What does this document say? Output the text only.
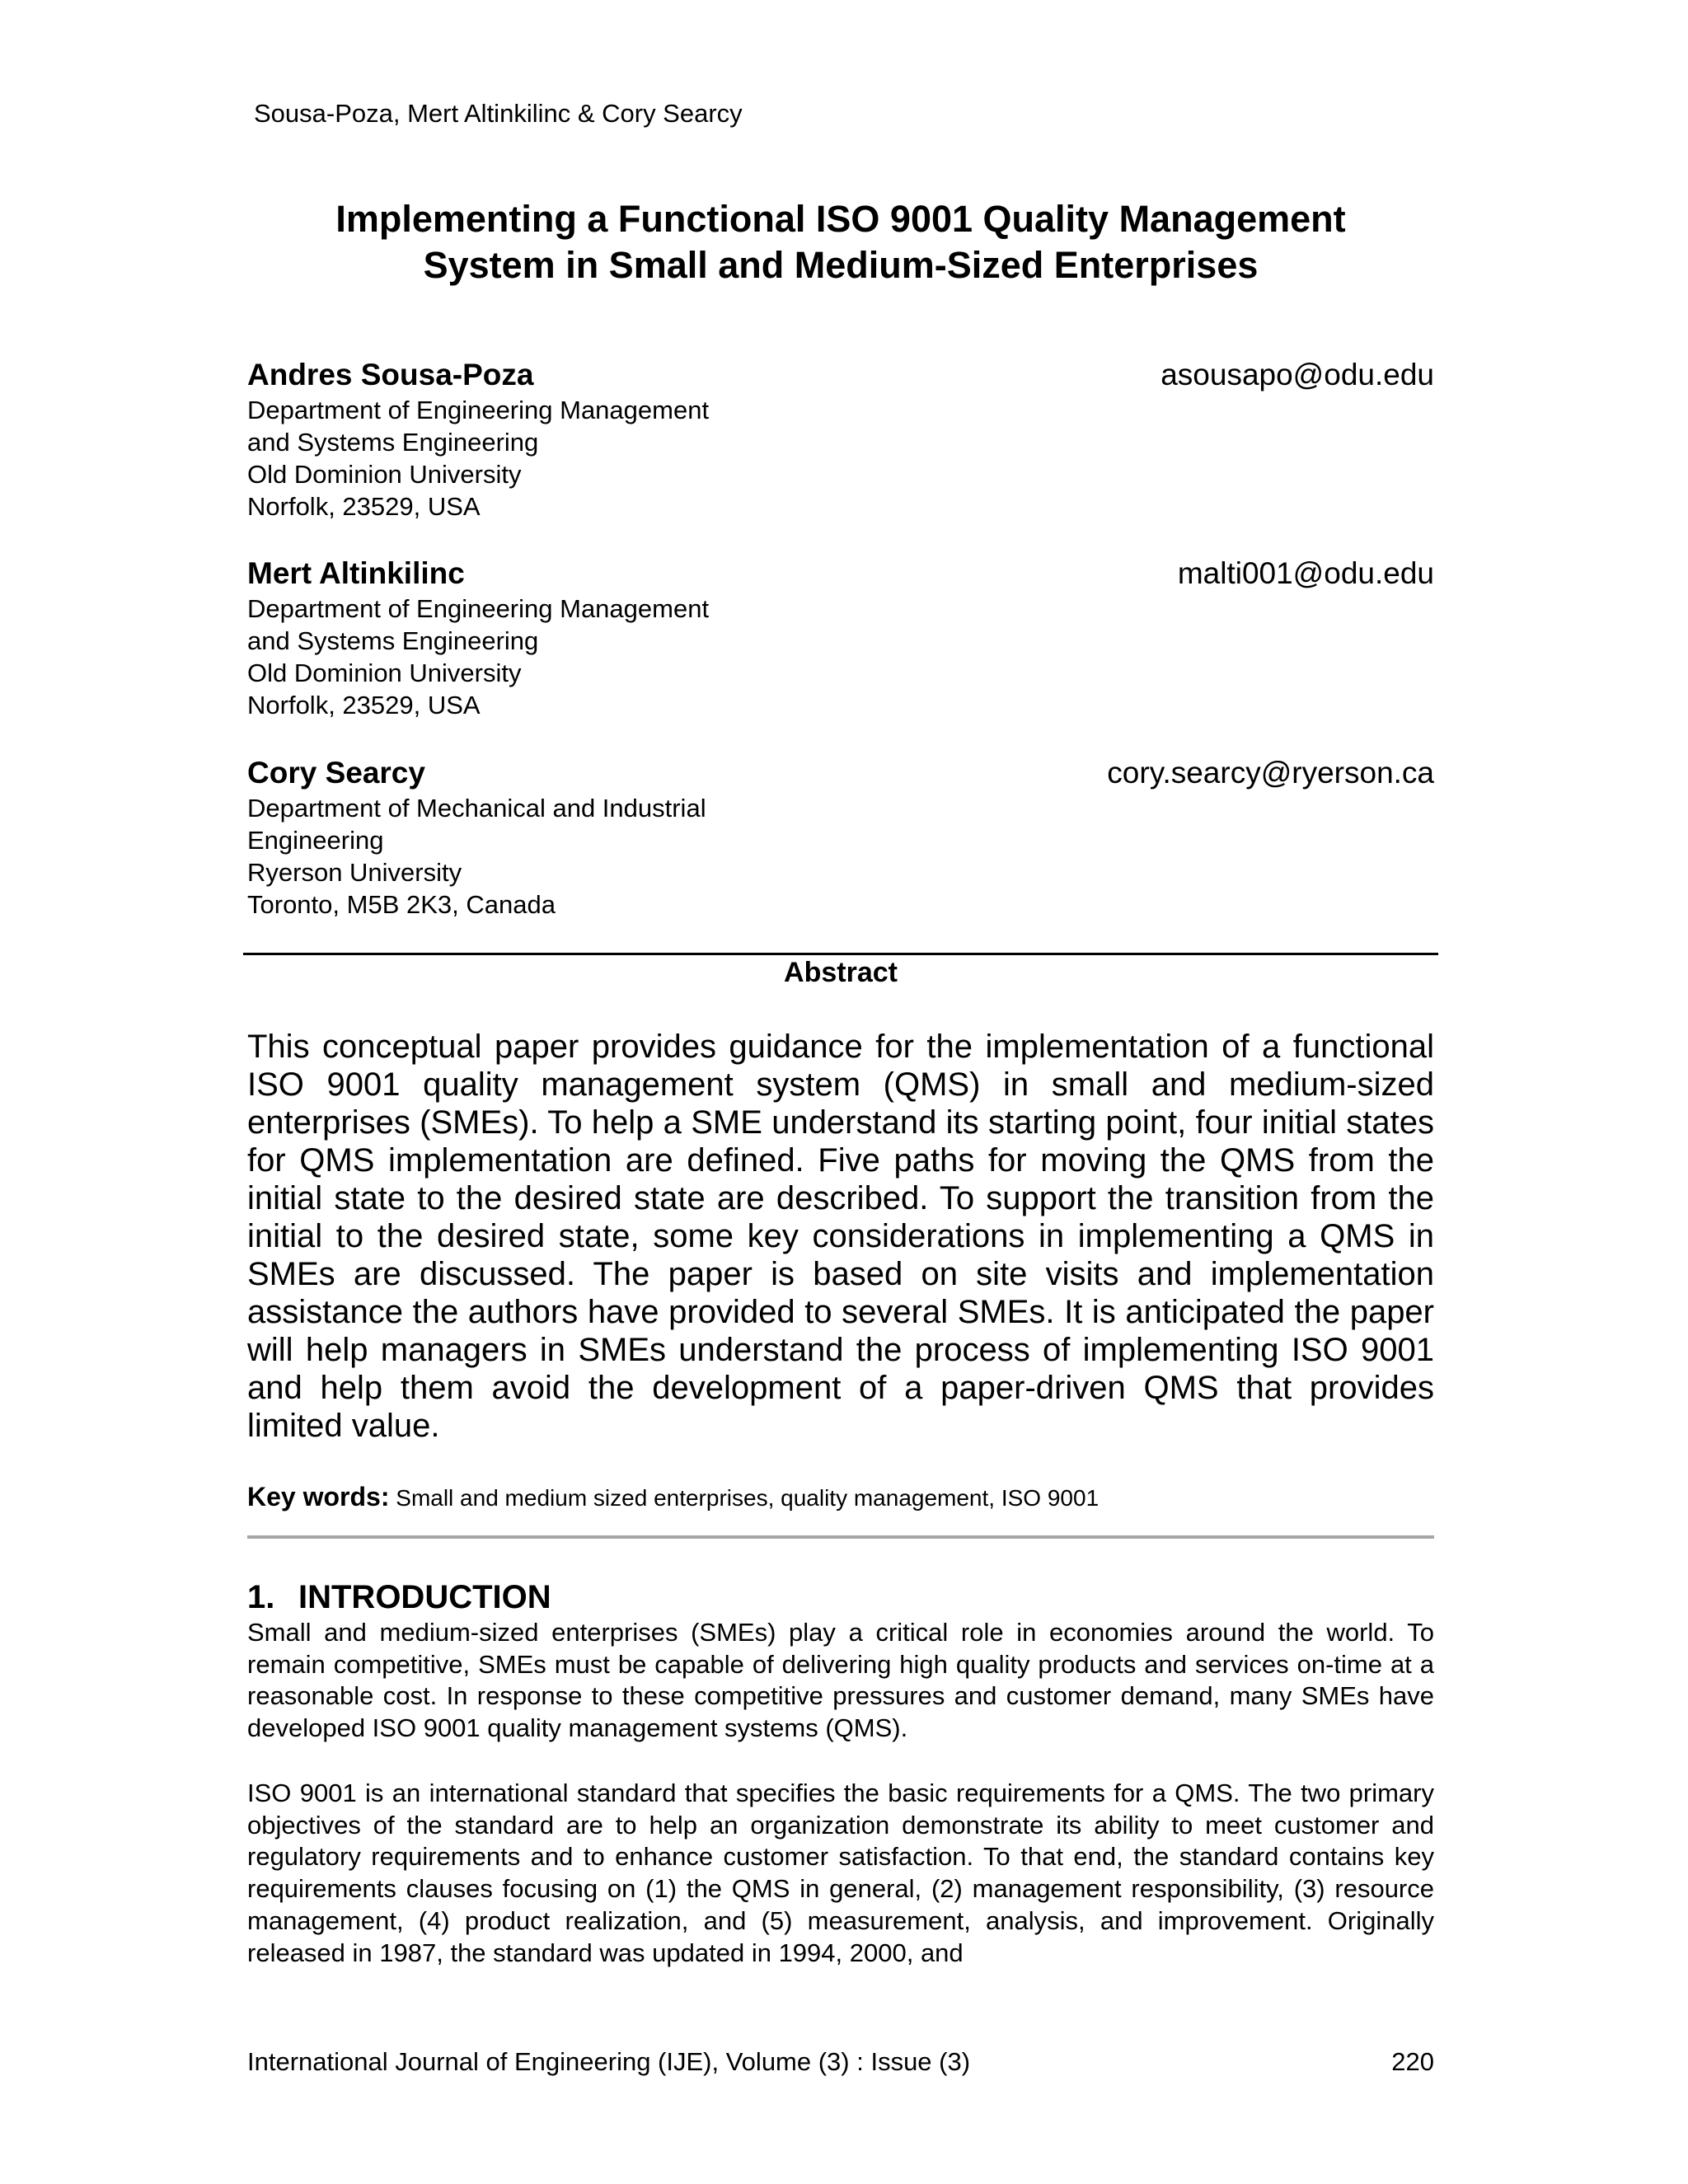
Sousa-Poza, Mert Altinkilinc & Cory Searcy
Implementing a Functional ISO 9001 Quality Management
System in Small and Medium-Sized Enterprises
Andres Sousa-Poza	asousapo@odu.edu
Department of Engineering Management
and Systems Engineering
Old Dominion University
Norfolk, 23529, USA
Mert Altinkilinc	malti001@odu.edu
Department of Engineering Management
and Systems Engineering
Old Dominion University
Norfolk, 23529, USA
Cory Searcy	cory.searcy@ryerson.ca
Department of Mechanical and Industrial
Engineering
Ryerson University
Toronto, M5B 2K3, Canada
Abstract

This conceptual paper provides guidance for the implementation of a functional ISO 9001 quality management system (QMS) in small and medium-sized enterprises (SMEs). To help a SME understand its starting point, four initial states for QMS implementation are defined. Five paths for moving the QMS from the initial state to the desired state are described. To support the transition from the initial to the desired state, some key considerations in implementing a QMS in SMEs are discussed. The paper is based on site visits and implementation assistance the authors have provided to several SMEs. It is anticipated the paper will help managers in SMEs understand the process of implementing ISO 9001 and help them avoid the development of a paper-driven QMS that provides limited value.

Key words: Small and medium sized enterprises, quality management, ISO 9001
1. INTRODUCTION

Small and medium-sized enterprises (SMEs) play a critical role in economies around the world. To remain competitive, SMEs must be capable of delivering high quality products and services on-time at a reasonable cost. In response to these competitive pressures and customer demand, many SMEs have developed ISO 9001 quality management systems (QMS).

ISO 9001 is an international standard that specifies the basic requirements for a QMS. The two primary objectives of the standard are to help an organization demonstrate its ability to meet customer and regulatory requirements and to enhance customer satisfaction. To that end, the standard contains key requirements clauses focusing on (1) the QMS in general, (2) management responsibility, (3) resource management, (4) product realization, and (5) measurement, analysis, and improvement. Originally released in 1987, the standard was updated in 1994, 2000, and

International Journal of Engineering (IJE), Volume (3) : Issue (3)	220
